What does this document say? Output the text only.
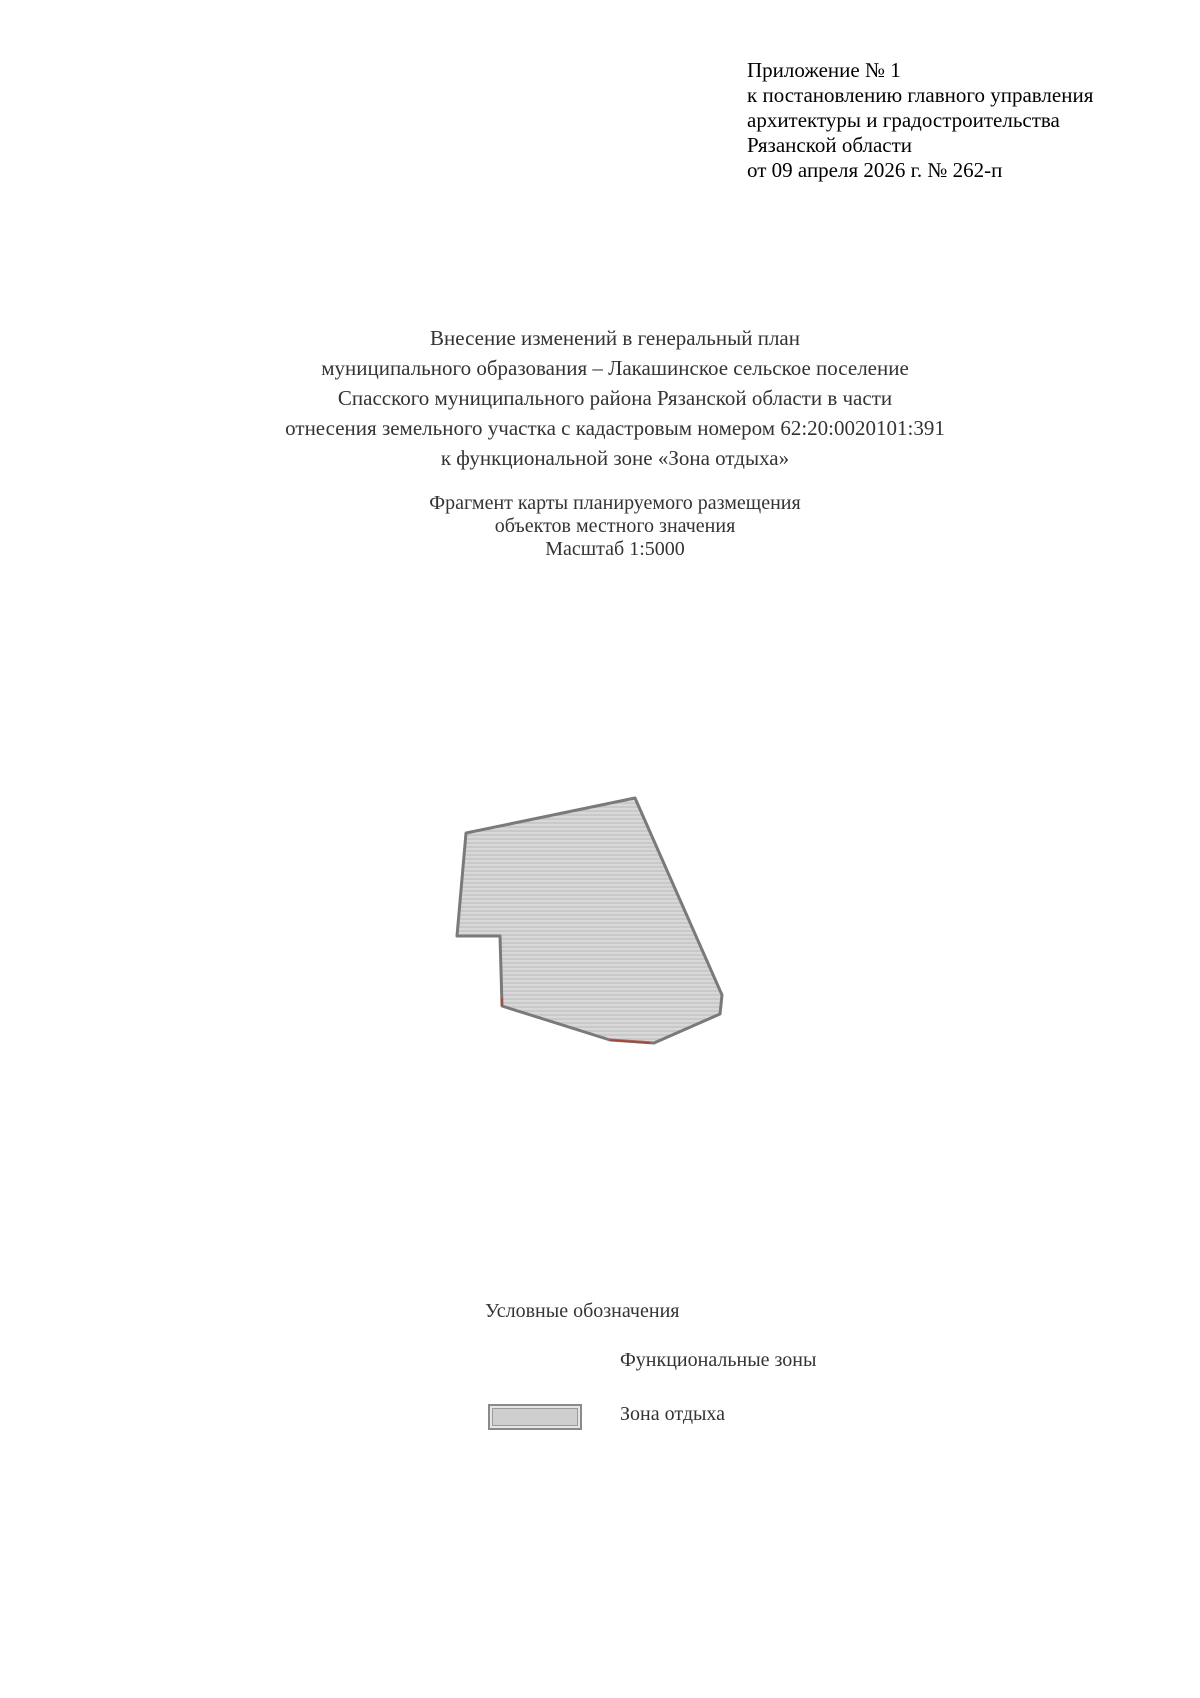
Приложение № 1
к постановлению главного управления
архитектуры и градостроительства
Рязанской области
от 09 апреля 2026 г. № 262-п
Внесение изменений в генеральный план
муниципального образования – Лакашинское сельское поселение
Спасского муниципального района Рязанской области в части
отнесения земельного участка с кадастровым номером 62:20:0020101:391
к функциональной зоне «Зона отдыха»
Фрагмент карты планируемого размещения
объектов местного значения
Масштаб 1:5000
Условные обозначения
Функциональные зоны
Зона отдыха
